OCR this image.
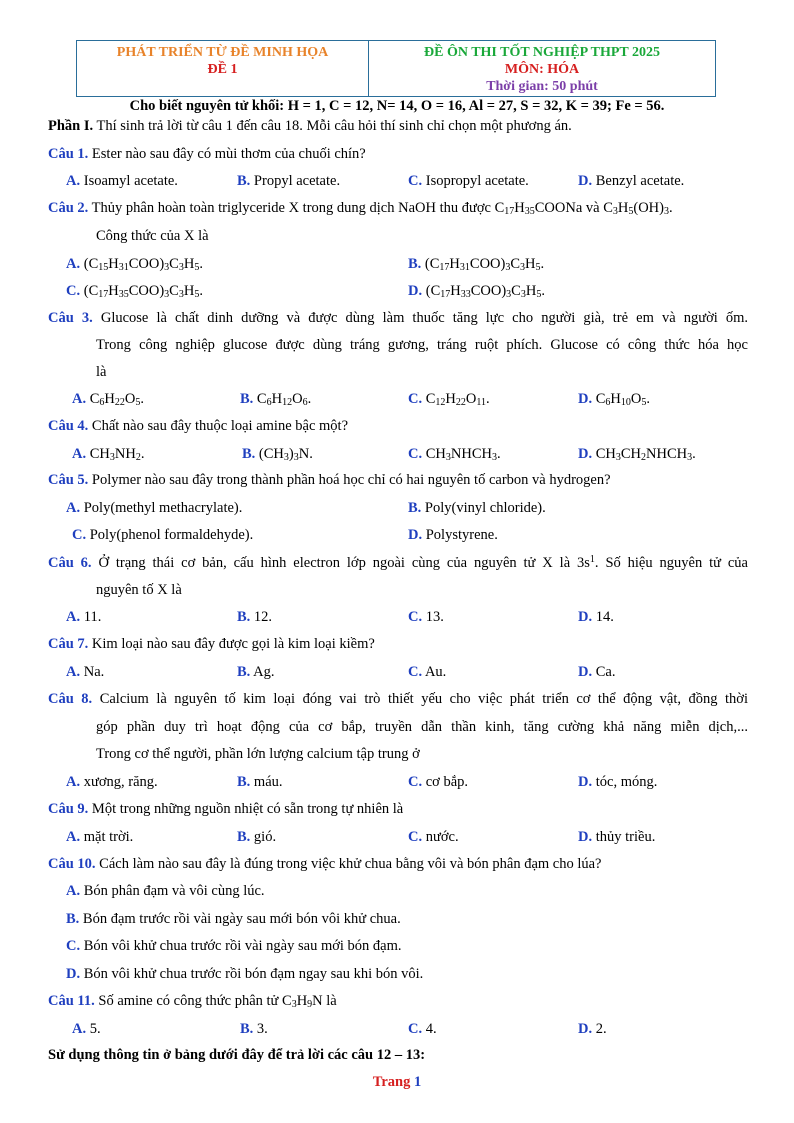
PHÁT TRIỂN TỪ ĐỀ MINH HỌA
ĐỀ 1
ĐỀ ÔN THI TỐT NGHIỆP THPT 2025
MÔN: HÓA
Thời gian: 50 phút
Cho biết nguyên tử khối: H = 1, C = 12, N= 14, O = 16, Al = 27, S = 32, K = 39; Fe = 56.
Phần I. Thí sinh trả lời từ câu 1 đến câu 18. Mỗi câu hỏi thí sinh chỉ chọn một phương án.
Câu 1. Ester nào sau đây có mùi thơm của chuối chín?
A. Isoamyl acetate.	B. Propyl acetate.	C. Isopropyl acetate.	D. Benzyl acetate.
Câu 2. Thủy phân hoàn toàn triglyceride X trong dung dịch NaOH thu được $C_{17}H_{35}COONa$ và $C_3H_5(OH)_3$.
Công thức của X là
A. $(C_{15}H_{31}COO)_3C_3H_5$.	B. $(C_{17}H_{31}COO)_3C_3H_5$.
C. $(C_{17}H_{35}COO)_3C_3H_5$.	D. $(C_{17}H_{33}COO)_3C_3H_5$.
Câu 3. Glucose là chất dinh dưỡng và được dùng làm thuốc tăng lực cho người già, trẻ em và người ốm.
Trong công nghiệp glucose được dùng tráng gương, tráng ruột phích. Glucose có công thức hóa học
là
A. $C_6H_{22}O_5$.	B. $C_6H_{12}O_6$.	C. $C_{12}H_{22}O_{11}$.	D. $C_6H_{10}O_5$.
Câu 4. Chất nào sau đây thuộc loại amine bậc một?
A. $CH_3NH_2$.	B. $(CH_3)_3N$.	C. $CH_3NHCH_3$.	D. $CH_3CH_2NHCH_3$.
Câu 5. Polymer nào sau đây trong thành phần hoá học chỉ có hai nguyên tố carbon và hydrogen?
A. Poly(methyl methacrylate).	B. Poly(vinyl chloride).
C. Poly(phenol formaldehyde).	D. Polystyrene.
Câu 6. Ở trạng thái cơ bản, cấu hình electron lớp ngoài cùng của nguyên tử X là $3s^1$. Số hiệu nguyên tử của
nguyên tố X là
A. 11.	B. 12.	C. 13.	D. 14.
Câu 7. Kim loại nào sau đây được gọi là kim loại kiềm?
A. Na.	B. Ag.	C. Au.	D. Ca.
Câu 8. Calcium là nguyên tố kim loại đóng vai trò thiết yếu cho việc phát triển cơ thể động vật, đồng thời
góp phần duy trì hoạt động của cơ bắp, truyền dẫn thần kinh, tăng cường khả năng miễn dịch,...
Trong cơ thể người, phần lớn lượng calcium tập trung ở
A. xương, răng.	B. máu.	C. cơ bắp.	D. tóc, móng.
Câu 9. Một trong những nguồn nhiệt có sẵn trong tự nhiên là
A. mặt trời.	B. gió.	C. nước.	D. thủy triều.
Câu 10. Cách làm nào sau đây là đúng trong việc khử chua bằng vôi và bón phân đạm cho lúa?
A. Bón phân đạm và vôi cùng lúc.
B. Bón đạm trước rồi vài ngày sau mới bón vôi khử chua.
C. Bón vôi khử chua trước rồi vài ngày sau mới bón đạm.
D. Bón vôi khử chua trước rồi bón đạm ngay sau khi bón vôi.
Câu 11. Số amine có công thức phân tử $C_3H_9N$ là
A. 5.	B. 3.	C. 4.	D. 2.
Sử dụng thông tin ở bảng dưới đây để trả lời các câu 12 – 13:
Trang 1
